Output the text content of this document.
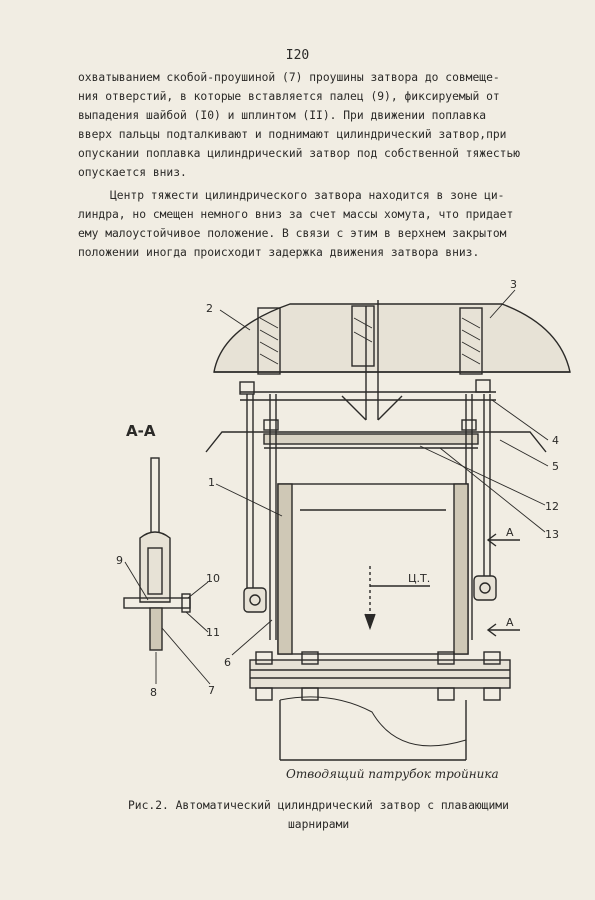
I20
охватыванием скобой-проушиной (7) проушины затвора до совмеще-
ния отверстий, в которые вставляется палец (9), фиксируемый от
выпадения шайбой (I0) и шплинтом (II). При движении поплавка
вверх пальцы подталкивают и поднимают цилиндрический затвор,при
опускании поплавка цилиндрический затвор под собственной тяжестью
опускается вниз.
Центр тяжести цилиндрического затвора находится в зоне ци-
линдра, но смещен немного вниз за счет массы хомута, что придает
ему малоустойчивое положение. В связи с этим в верхнем закрытом
положении иногда происходит задержка движения затвора вниз.
А-А
2
3
4
5
12
13
1
6
9
10
11
8	7
А
А
Ц.Т.
Отводящий патрубок тройника
Рис.2. Автоматический цилиндрический затвор с плавающими
шарнирами
